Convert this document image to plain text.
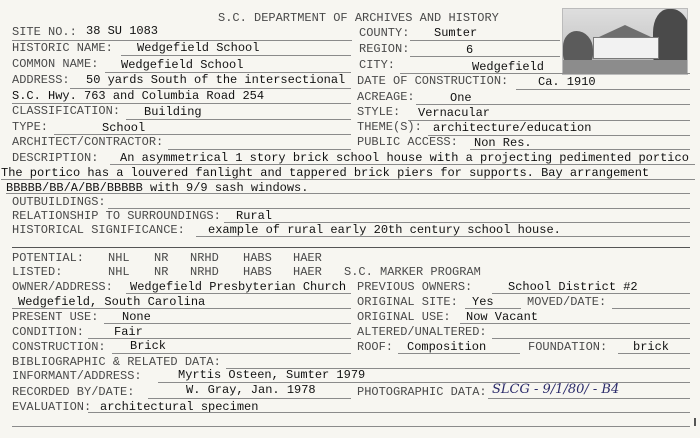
S.C. DEPARTMENT OF ARCHIVES AND HISTORY
SITE NO.: 38 SU 1083	COUNTY: Sumter
HISTORIC NAME: Wedgefield School	REGION:	6
COMMON NAME: Wedgefield School	CITY:	Wedgefield
ADDRESS: 50 yards South of the intersectional DATE OF CONSTRUCTION: Ca. 1910
S.C. Hwy. 763 and Columbia Road 254	ACREAGE:	One
CLASSIFICATION: Building	STYLE: Vernacular
TYPE:	School	THEME(S): architecture/education
ARCHITECT/CONTRACTOR:	PUBLIC ACCESS: Non Res.
DESCRIPTION: An asymmetrical 1 story brick school house with a projecting pedimented portico
The portico has a louvered fanlight and tappered brick piers for supports. Bay arrangement
BBBBB/BB/A/BB/BBBBB with 9/9 sash windows.
OUTBUILDINGS:
RELATIONSHIP TO SURROUNDINGS: Rural
HISTORICAL SIGNIFICANCE: example of rural early 20th century school house.
POTENTIAL: NHL NR NRHD HABS HAER
LISTED:	NHL NR NRHD HABS HAER S.C. MARKER PROGRAM
OWNER/ADDRESS: Wedgefield Presbyterian Church PREVIOUS OWNERS:	School District #2
Wedgefield, South Carolina	ORIGINAL SITE: Yes	MOVED/DATE:
PRESENT USE: None	ORIGINAL USE: Now Vacant
CONDITION: Fair	ALTERED/UNALTERED:
CONSTRUCTION: Brick	ROOF: Composition	FOUNDATION: brick
BIBLIOGRAPHIC & RELATED DATA:
INFORMANT/ADDRESS:	Myrtis Osteen, Sumter 1979
RECORDED BY/DATE:	W. Gray, Jan. 1978	PHOTOGRAPHIC DATA: SLCG - 9/1/80/ - B4
EVALUATION: architectural specimen
